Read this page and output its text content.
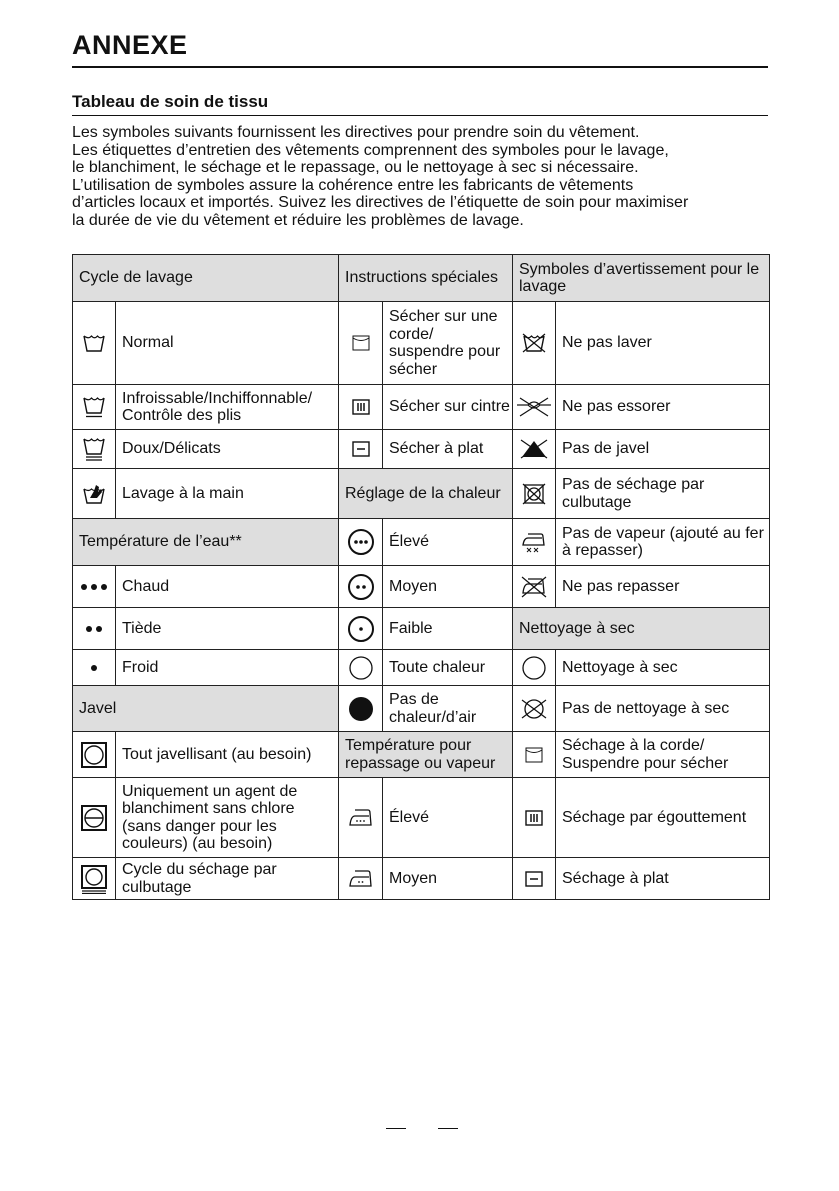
ANNEXE
Tableau de soin de tissu

Les symboles suivants fournissent les directives pour prendre soin du vêtement.
Les étiquettes d’entretien des vêtements comprennent des symboles pour le lavage,
le blanchiment, le séchage et le repassage, ou le nettoyage à sec si nécessaire.
L’utilisation de symboles assure la cohérence entre les fabricants de vêtements
d’articles locaux et importés. Suivez les directives de l’étiquette de soin pour maximiser
la durée de vie du vêtement et réduire les problèmes de lavage.

Cycle de lavage		Instructions spéciales		Symboles d’avertissement pour le lavage	

	Normal		Sécher sur une corde/ suspendre pour sécher		Ne pas laver

	Infroissable/Inchiffonnable/ Contrôle des plis		Sécher sur cintre		Ne pas essorer

	Doux/Délicats		Sécher à plat		Pas de javel

	Lavage à la main	Réglage de la chaleur			Pas de séchage par culbutage
Température de l’eau**			Élevé		Pas de vapeur (ajouté au fer à repasser)

	Chaud		Moyen		Ne pas repasser

	Tiède		Faible	Nettoyage à sec	

	Froid		Toute chaleur		Nettoyage à sec
Javel			Pas de chaleur/d’air		Pas de nettoyage à sec

	Tout javellisant (au besoin)	Température pour repassage ou vapeur			Séchage à la corde/ Suspendre pour sécher

	Uniquement un agent de blanchiment sans chlore (sans danger pour les couleurs) (au besoin)		Élevé		Séchage par égouttement

	Cycle du séchage par culbutage		Moyen		Séchage à plat
